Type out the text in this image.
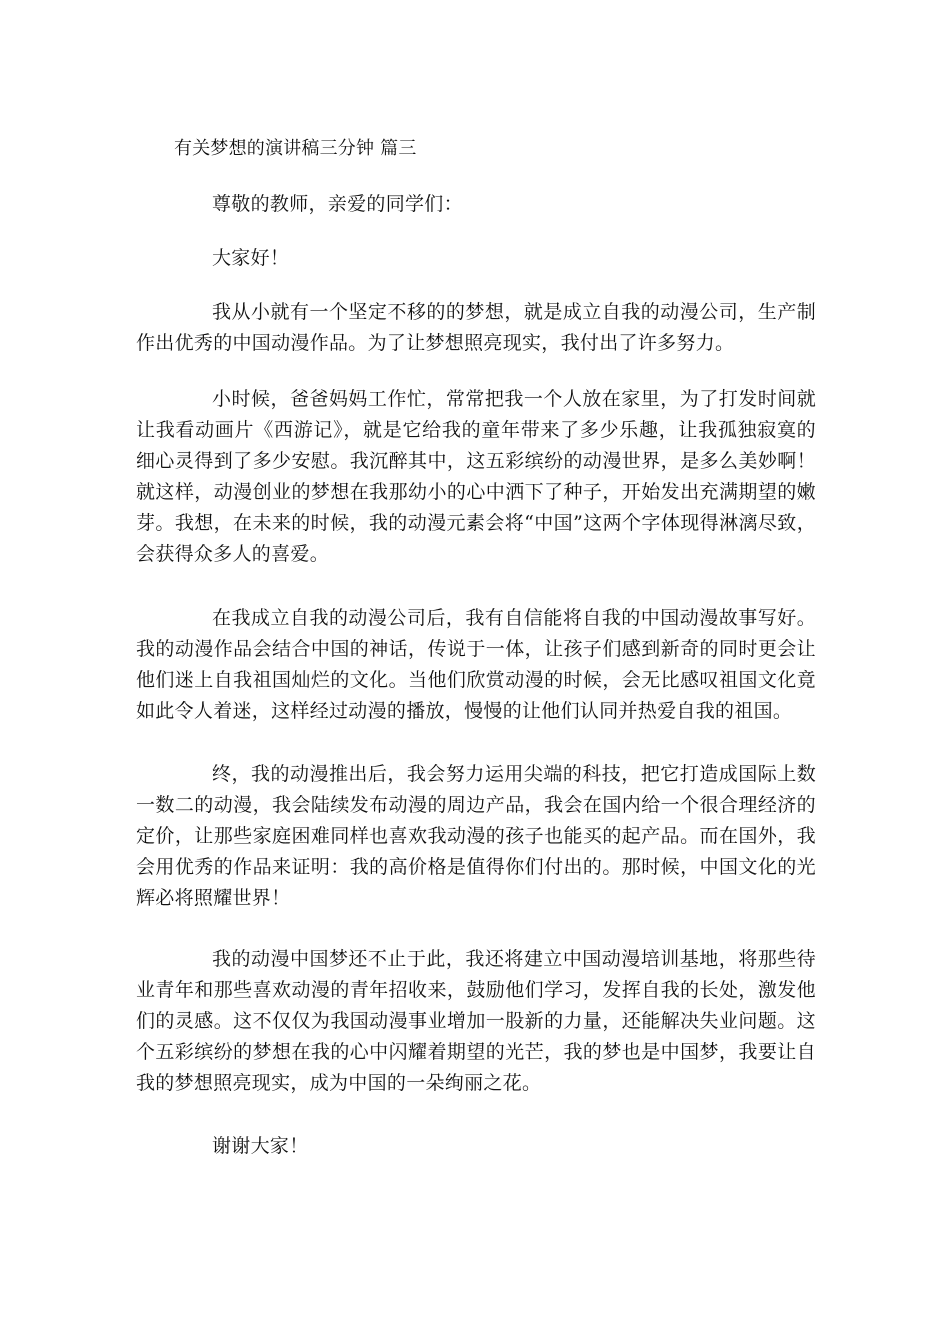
有关梦想的演讲稿三分钟 篇三

尊敬的教师，亲爱的同学们：

大家好！

我从小就有一个坚定不移的的梦想，就是成立自我的动漫公司，生产制作出优秀的中国动漫作品。为了让梦想照亮现实，我付出了许多努力。

小时候，爸爸妈妈工作忙，常常把我一个人放在家里，为了打发时间就让我看动画片《西游记》，就是它给我的童年带来了多少乐趣，让我孤独寂寞的细心灵得到了多少安慰。我沉醉其中，这五彩缤纷的动漫世界，是多么美妙啊！就这样，动漫创业的梦想在我那幼小的心中洒下了种子，开始发出充满期望的嫩芽。我想，在未来的时候，我的动漫元素会将“中国”这两个字体现得淋漓尽致，会获得众多人的喜爱。

在我成立自我的动漫公司后，我有自信能将自我的中国动漫故事写好。我的动漫作品会结合中国的神话，传说于一体，让孩子们感到新奇的同时更会让他们迷上自我祖国灿烂的文化。当他们欣赏动漫的时候，会无比感叹祖国文化竟如此令人着迷，这样经过动漫的播放，慢慢的让他们认同并热爱自我的祖国。

终，我的动漫推出后，我会努力运用尖端的科技，把它打造成国际上数一数二的动漫，我会陆续发布动漫的周边产品，我会在国内给一个很合理经济的定价，让那些家庭困难同样也喜欢我动漫的孩子也能买的起产品。而在国外，我会用优秀的作品来证明：我的高价格是值得你们付出的。那时候，中国文化的光辉必将照耀世界！

我的动漫中国梦还不止于此，我还将建立中国动漫培训基地，将那些待业青年和那些喜欢动漫的青年招收来，鼓励他们学习，发挥自我的长处，激发他们的灵感。这不仅仅为我国动漫事业增加一股新的力量，还能解决失业问题。这个五彩缤纷的梦想在我的心中闪耀着期望的光芒，我的梦也是中国梦，我要让自我的梦想照亮现实，成为中国的一朵绚丽之花。

谢谢大家！
